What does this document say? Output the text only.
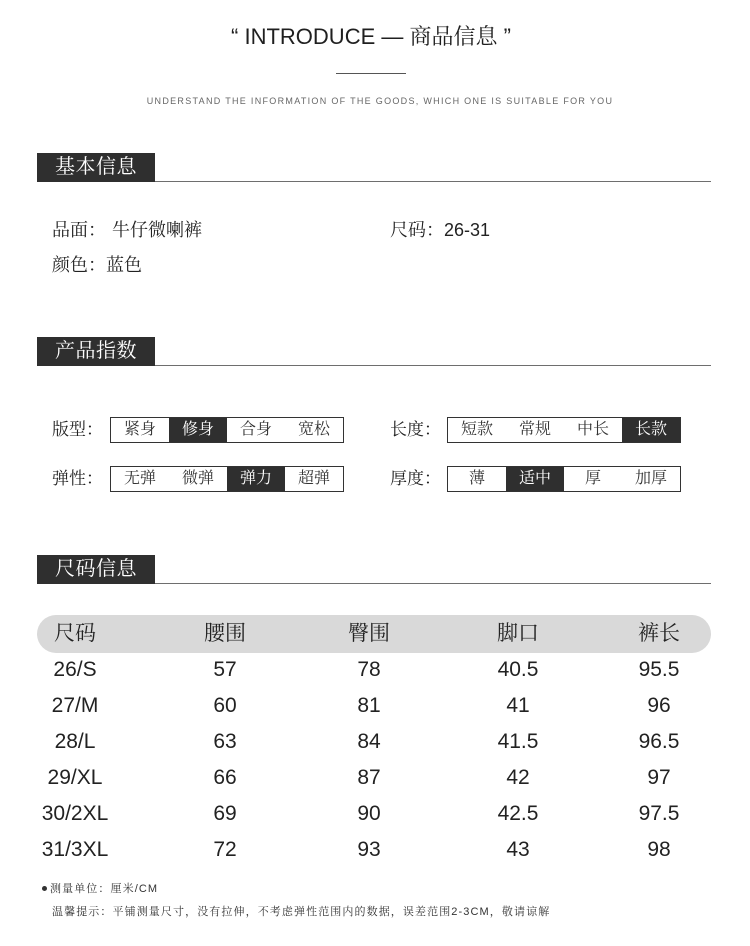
“ INTRODUCE — 商品信息 ”
UNDERSTAND THE INFORMATION OF THE GOODS, WHICH ONE IS SUITABLE FOR YOU
基本信息
品面： 牛仔微喇裤	尺码：26-31
颜色：蓝色
产品指数
版型：	紧身	修身	合身	宽松	长度：	短款	常规	中长	长款
弹性：	无弹	微弹	弹力	超弹	厚度：	薄	适中	厚	加厚
尺码信息
尺码	腰围	臀围	脚口	裤长
26/S	57	78	40.5	95.5
27/M	60	81	41	96
28/L	63	84	41.5	96.5
29/XL	66	87	42	97
30/2XL	69	90	42.5	97.5
31/3XL	72	93	43	98
测量单位：厘米/CM
温馨提示：平铺测量尺寸，没有拉伸，不考虑弹性范围内的数据，误差范围2-3CM，敬请谅解
